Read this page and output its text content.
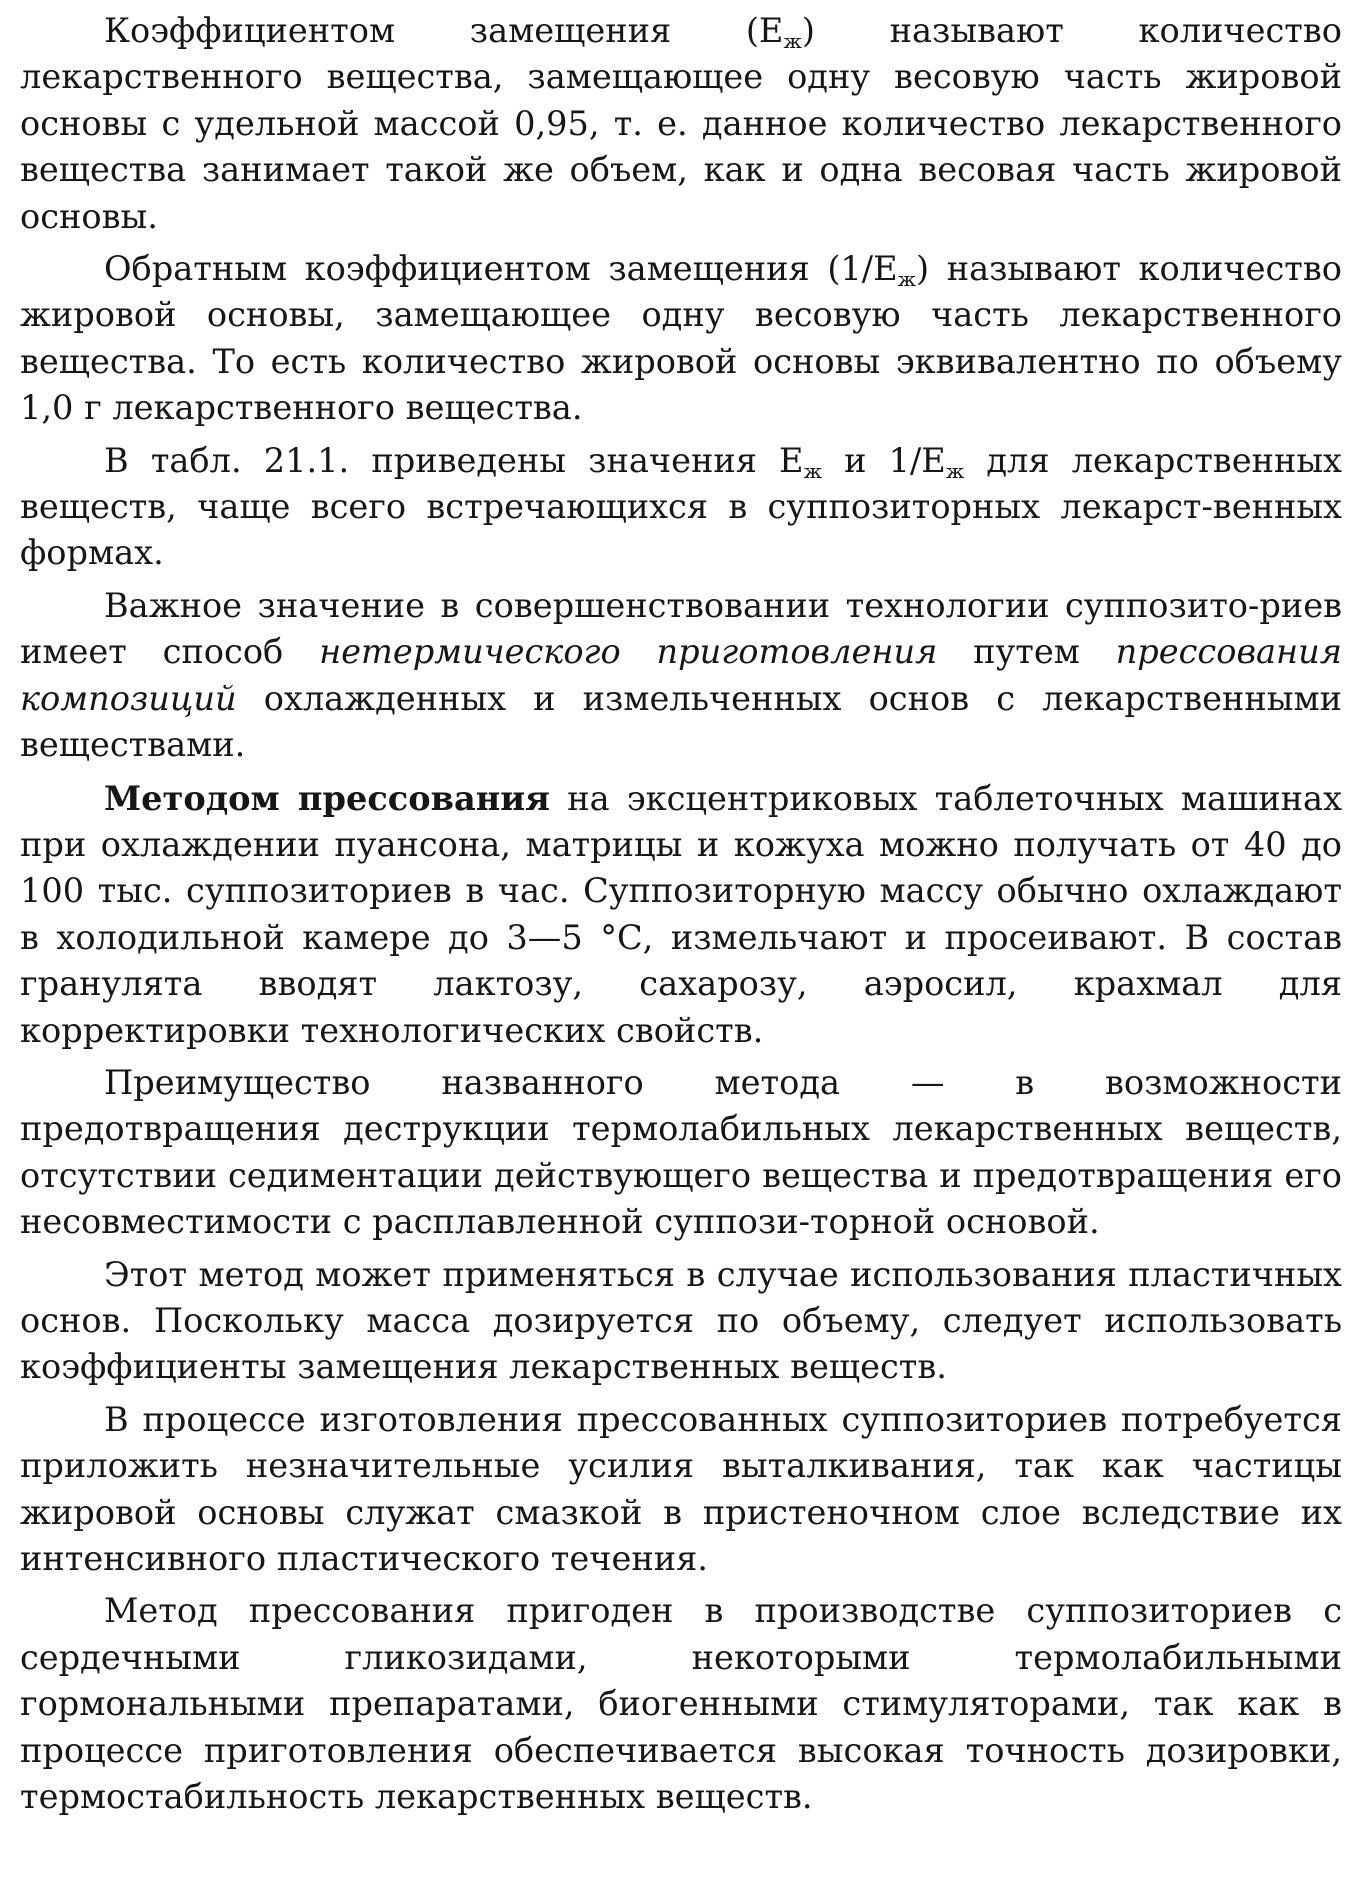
Коэффициентом замещения $(Е_ж)$ называют количество лекарственного вещества, замещающее одну весовую часть жировой основы с удельной массой 0,95, т. е. данное количество лекарственного вещества занимает такой же объем, как и одна весовая часть жировой основы.

Обратным коэффициентом замещения $(1/Е_ж)$ называют количество жировой основы, замещающее одну весовую часть лекарственного вещества. То есть количество жировой основы эквивалентно по объему 1,0 г лекарственного вещества.

В табл. 21.1. приведены значения $Е_ж$ и $1/Е_ж$ для лекарственных веществ, чаще всего встречающихся в суппозиторных лекарст-венных формах.

Важное значение в совершенствовании технологии суппозито-риев имеет способ нетермического приготовления путем прессования композиций охлажденных и измельченных основ с лекарственными веществами.

Методом прессования на эксцентриковых таблеточных машинах при охлаждении пуансона, матрицы и кожуха можно получать от 40 до 100 тыс. суппозиториев в час. Суппозиторную массу обычно охлаждают в холодильной камере до 3—5 °С, измельчают и просеивают. В состав гранулята вводят лактозу, сахарозу, аэросил, крахмал для корректировки технологических свойств.

Преимущество названного метода — в возможности предотвращения деструкции термолабильных лекарственных веществ, отсутствии седиментации действующего вещества и предотвращения его несовместимости с расплавленной суппози-торной основой.

Этот метод может применяться в случае использования пластичных основ. Поскольку масса дозируется по объему, следует использовать коэффициенты замещения лекарственных веществ.

В процессе изготовления прессованных суппозиториев потребуется приложить незначительные усилия выталкивания, так как частицы жировой основы служат смазкой в пристеночном слое вследствие их интенсивного пластического течения.

Метод прессования пригоден в производстве суппозиториев с сердечными гликозидами, некоторыми термолабильными гормональными препаратами, биогенными стимуляторами, так как в процессе приготовления обеспечивается высокая точность дозировки, термостабильность лекарственных веществ.
